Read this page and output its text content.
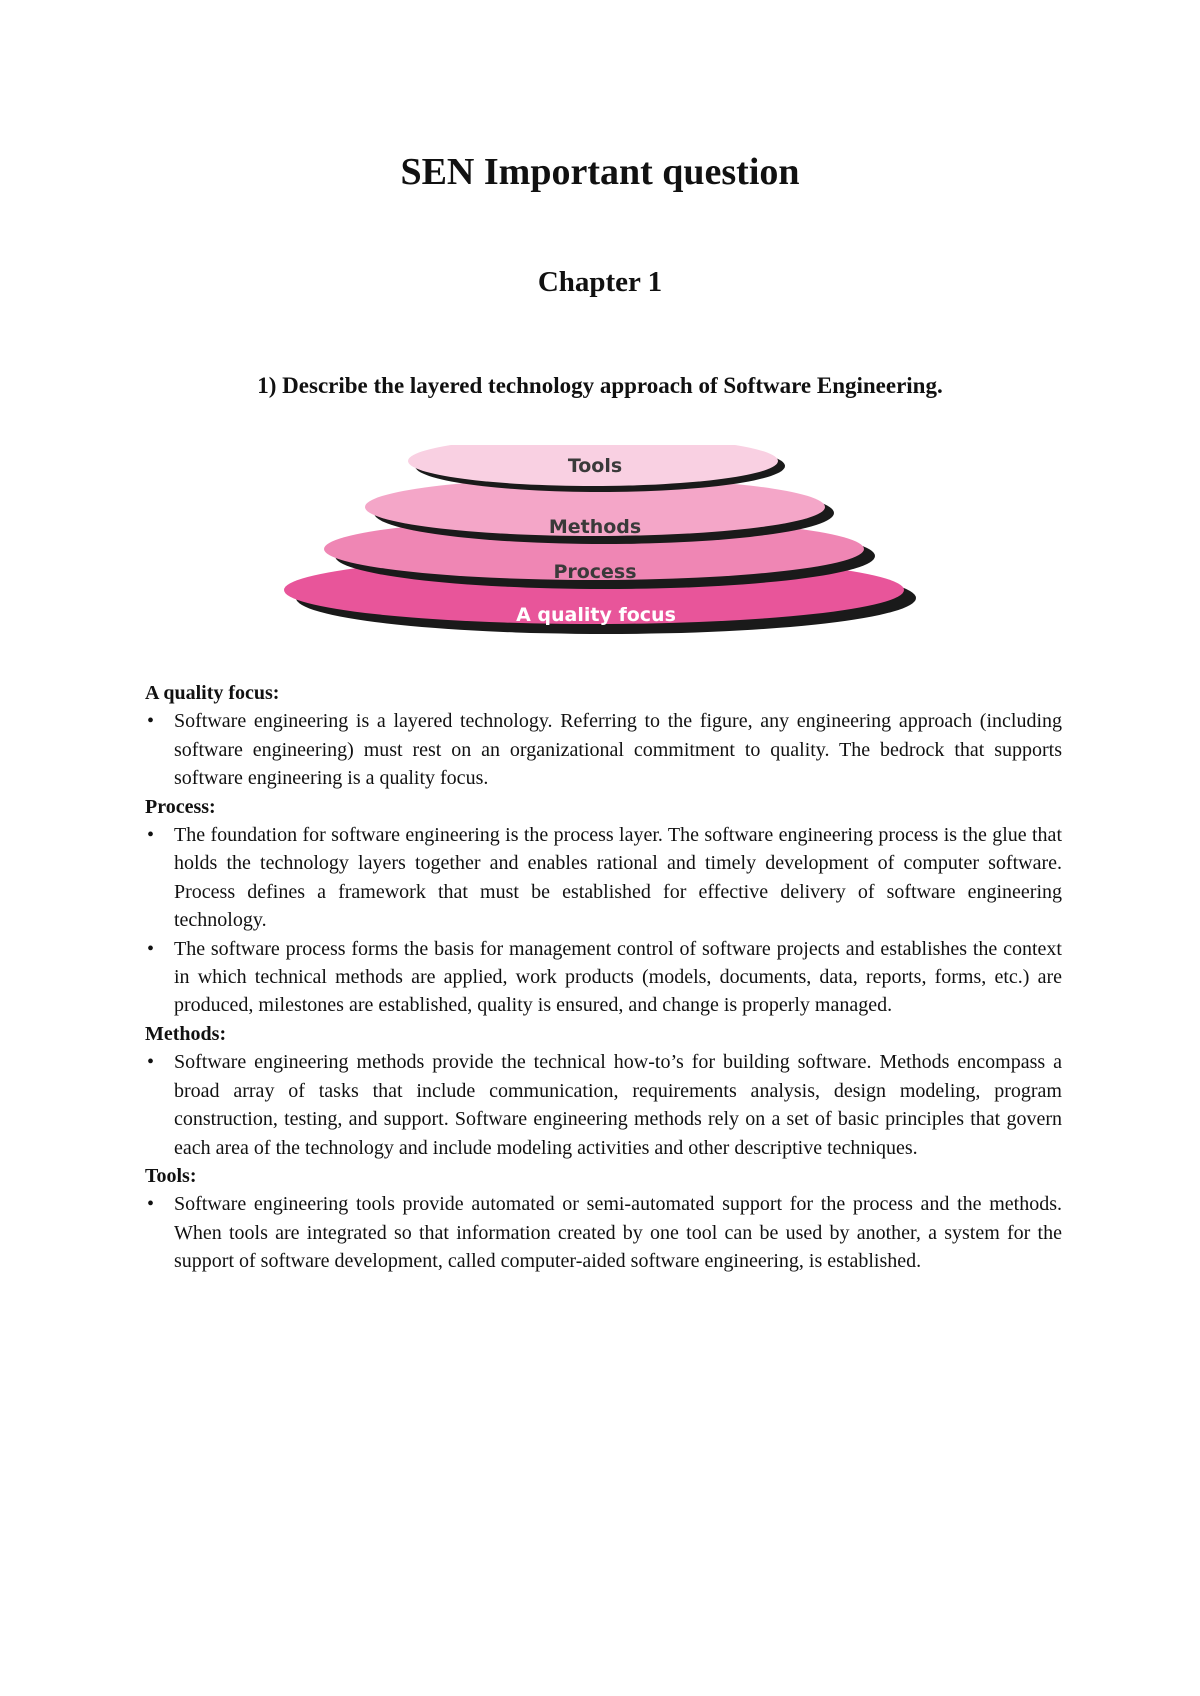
SEN Important question
Chapter 1
1) Describe the layered technology approach of Software Engineering.
Tools
Methods
Process
A quality focus

A quality focus:

• Software engineering is a layered technology. Referring to the figure, any engineering approach (including software engineering) must rest on an organizational commitment to quality. The bedrock that supports software engineering is a quality focus.

Process:

• The foundation for software engineering is the process layer. The software engineering process is the glue that holds the technology layers together and enables rational and timely development of computer software. Process defines a framework that must be established for effective delivery of software engineering technology.
• The software process forms the basis for management control of software projects and establishes the context in which technical methods are applied, work products (models, documents, data, reports, forms, etc.) are produced, milestones are established, quality is ensured, and change is properly managed.

Methods:

• Software engineering methods provide the technical how-to’s for building software. Methods encompass a broad array of tasks that include communication, requirements analysis, design modeling, program construction, testing, and support. Software engineering methods rely on a set of basic principles that govern each area of the technology and include modeling activities and other descriptive techniques.

Tools:

• Software engineering tools provide automated or semi-automated support for the process and the methods. When tools are integrated so that information created by one tool can be used by another, a system for the support of software development, called computer-aided software engineering, is established.
